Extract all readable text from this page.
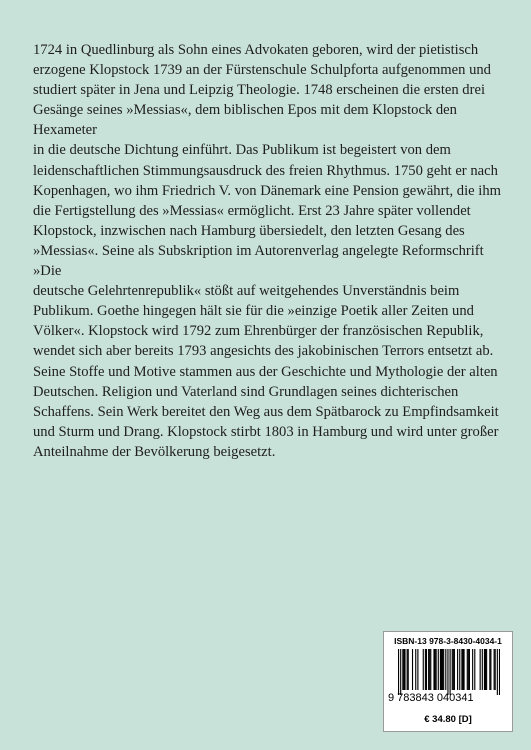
1724 in Quedlinburg als Sohn eines Advokaten geboren, wird der pietistisch
erzogene Klopstock 1739 an der Fürstenschule Schulpforta aufgenommen und
studiert später in Jena und Leipzig Theologie. 1748 erscheinen die ersten drei
Gesänge seines »Messias«, dem biblischen Epos mit dem Klopstock den Hexameter
in die deutsche Dichtung einführt. Das Publikum ist begeistert von dem
leidenschaftlichen Stimmungsausdruck des freien Rhythmus. 1750 geht er nach
Kopenhagen, wo ihm Friedrich V. von Dänemark eine Pension gewährt, die ihm
die Fertigstellung des »Messias« ermöglicht. Erst 23 Jahre später vollendet
Klopstock, inzwischen nach Hamburg übersiedelt, den letzten Gesang des
»Messias«. Seine als Subskription im Autorenverlag angelegte Reformschrift »Die
deutsche Gelehrtenrepublik« stößt auf weitgehendes Unverständnis beim
Publikum. Goethe hingegen hält sie für die »einzige Poetik aller Zeiten und
Völker«. Klopstock wird 1792 zum Ehrenbürger der französischen Republik,
wendet sich aber bereits 1793 angesichts des jakobinischen Terrors entsetzt ab.
Seine Stoffe und Motive stammen aus der Geschichte und Mythologie der alten
Deutschen. Religion und Vaterland sind Grundlagen seines dichterischen
Schaffens. Sein Werk bereitet den Weg aus dem Spätbarock zu Empfindsamkeit
und Sturm und Drang. Klopstock stirbt 1803 in Hamburg und wird unter großer
Anteilnahme der Bevölkerung beigesetzt.

ISBN-13 978-3-8430-4034-1
9 783843 040341
€ 34.80 [D]
